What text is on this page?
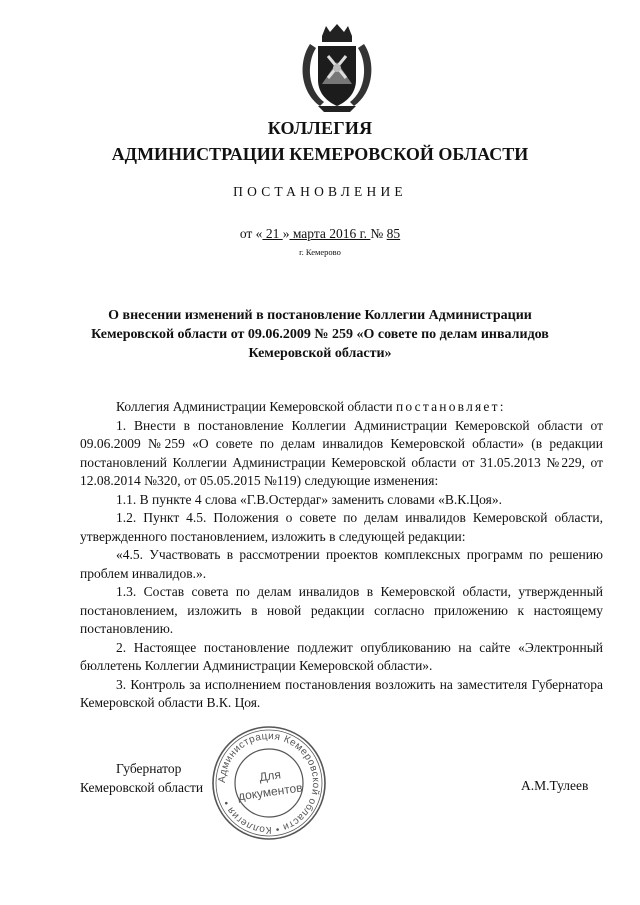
КОЛЛЕГИЯ
АДМИНИСТРАЦИИ КЕМЕРОВСКОЙ ОБЛАСТИ
ПОСТАНОВЛЕНИЕ
от « 21 » марта 2016 г. № 85
г. Кемерово
О внесении изменений в постановление Коллегии Администрации
Кемеровской области от 09.06.2009 № 259 «О совете по делам инвалидов
Кемеровской области»

Коллегия Администрации Кемеровской области постановляет:

1. Внести в постановление Коллегии Администрации Кемеровской области от 09.06.2009 №259 «О совете по делам инвалидов Кемеровской области» (в редакции постановлений Коллегии Администрации Кемеровской области от 31.05.2013 №229, от 12.08.2014 №320, от 05.05.2015 №119) следующие изменения:

1.1. В пункте 4 слова «Г.В.Остердаг» заменить словами «В.К.Цоя».

1.2. Пункт 4.5. Положения о совете по делам инвалидов Кемеровской области, утвержденного постановлением, изложить в следующей редакции:

«4.5. Участвовать в рассмотрении проектов комплексных программ по решению проблем инвалидов.».

1.3. Состав совета по делам инвалидов в Кемеровской области, утвержденный постановлением, изложить в новой редакции согласно приложению к настоящему постановлению.

2. Настоящее постановление подлежит опубликованию на сайте «Электронный бюллетень Коллегии Администрации Кемеровской области».

3. Контроль за исполнением постановления возложить на заместителя Губернатора Кемеровской области В.К. Цоя.

Губернатор
Кемеровской области	А.М.Тулеев
Администрация Кемеровской области • Коллегия •
Для
документов
